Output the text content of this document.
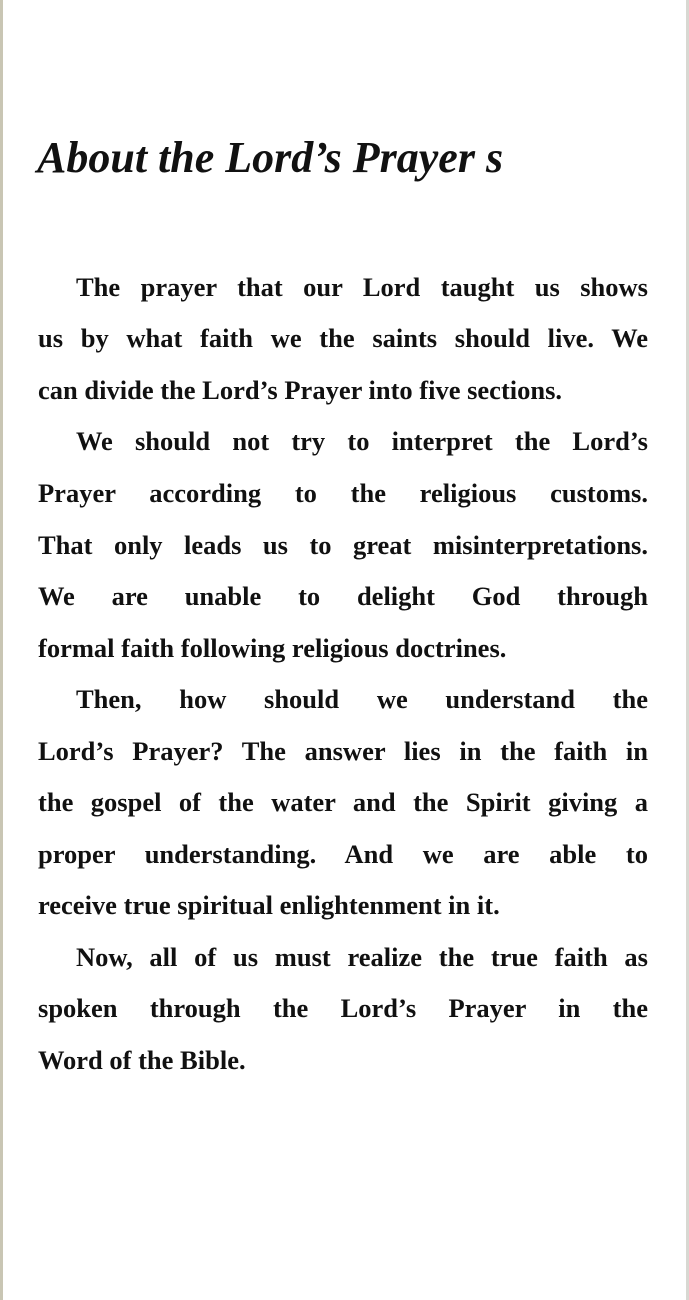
About the Lord’s Prayer s

The prayer that our Lord taught us shows

us by what faith we the saints should live. We

can divide the Lord’s Prayer into five sections.

We should not try to interpret the Lord’s

Prayer according to the religious customs.

That only leads us to great misinterpretations.

We are unable to delight God through

formal faith following religious doctrines.

Then, how should we understand the

Lord’s Prayer? The answer lies in the faith in

the gospel of the water and the Spirit giving a

proper understanding. And we are able to

receive true spiritual enlightenment in it.

Now, all of us must realize the true faith as

spoken through the Lord’s Prayer in the

Word of the Bible.
